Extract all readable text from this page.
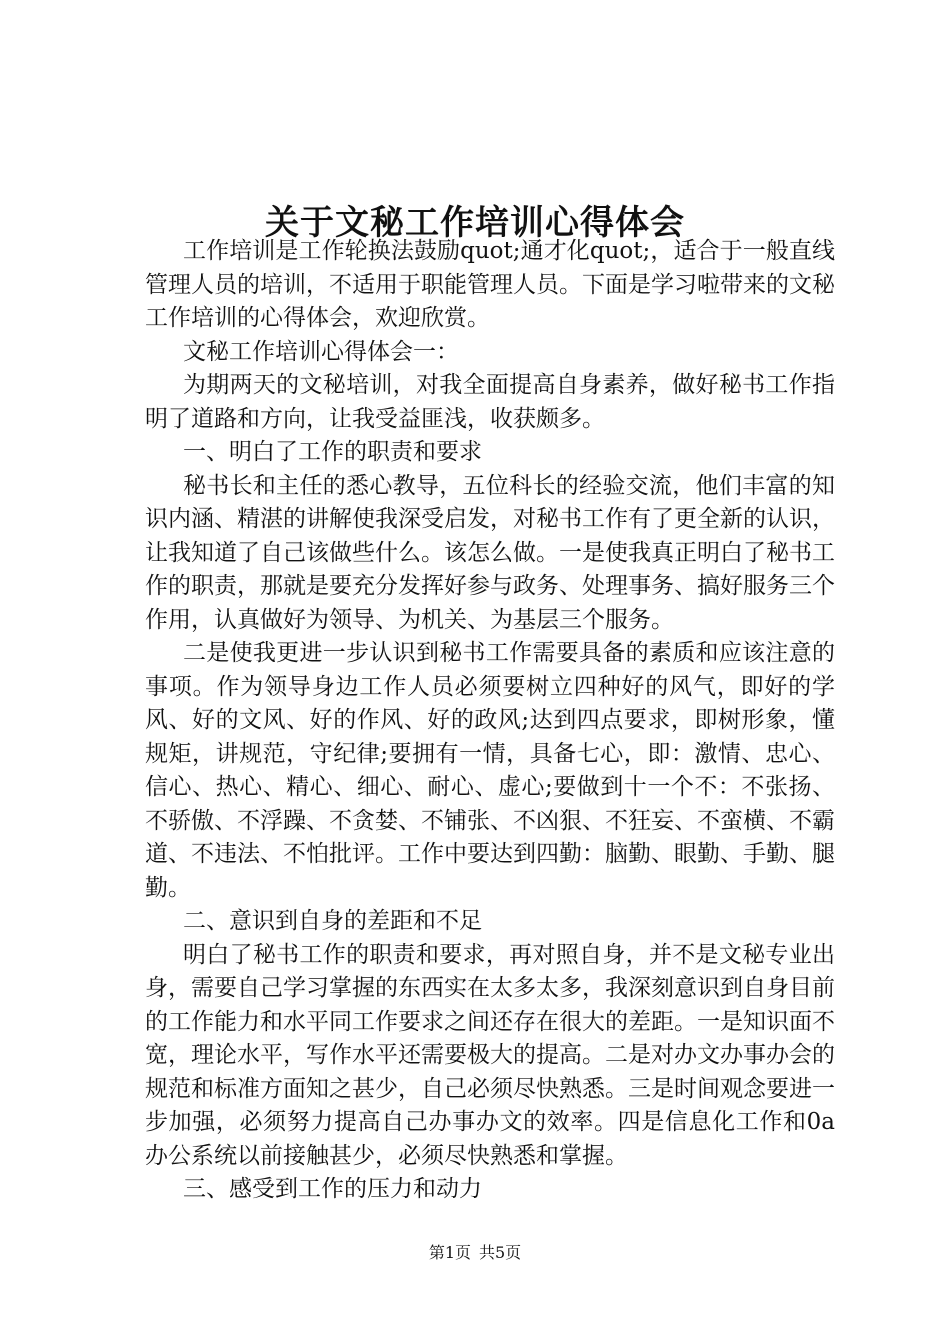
关于文秘工作培训心得体会

工作培训是工作轮换法鼓励quot;通才化quot;，适合于一般直线管理人员的培训，不适用于职能管理人员。下面是学习啦带来的文秘工作培训的心得体会，欢迎欣赏。

文秘工作培训心得体会一：

为期两天的文秘培训，对我全面提高自身素养，做好秘书工作指明了道路和方向，让我受益匪浅，收获颇多。

一、明白了工作的职责和要求

秘书长和主任的悉心教导，五位科长的经验交流，他们丰富的知识内涵、精湛的讲解使我深受启发，对秘书工作有了更全新的认识，让我知道了自己该做些什么。该怎么做。一是使我真正明白了秘书工作的职责，那就是要充分发挥好参与政务、处理事务、搞好服务三个作用，认真做好为领导、为机关、为基层三个服务。

二是使我更进一步认识到秘书工作需要具备的素质和应该注意的事项。作为领导身边工作人员必须要树立四种好的风气，即好的学风、好的文风、好的作风、好的政风;达到四点要求，即树形象，懂规矩，讲规范，守纪律;要拥有一情，具备七心，即：激情、忠心、信心、热心、精心、细心、耐心、虚心;要做到十一个不：不张扬、不骄傲、不浮躁、不贪婪、不铺张、不凶狠、不狂妄、不蛮横、不霸道、不违法、不怕批评。工作中要达到四勤：脑勤、眼勤、手勤、腿勤。

二、意识到自身的差距和不足

明白了秘书工作的职责和要求，再对照自身，并不是文秘专业出身，需要自己学习掌握的东西实在太多太多，我深刻意识到自身目前的工作能力和水平同工作要求之间还存在很大的差距。一是知识面不宽，理论水平，写作水平还需要极大的提高。二是对办文办事办会的规范和标准方面知之甚少，自己必须尽快熟悉。三是时间观念要进一步加强，必须努力提高自己办事办文的效率。四是信息化工作和0a办公系统以前接触甚少，必须尽快熟悉和掌握。

三、感受到工作的压力和动力

第1页 共5页
